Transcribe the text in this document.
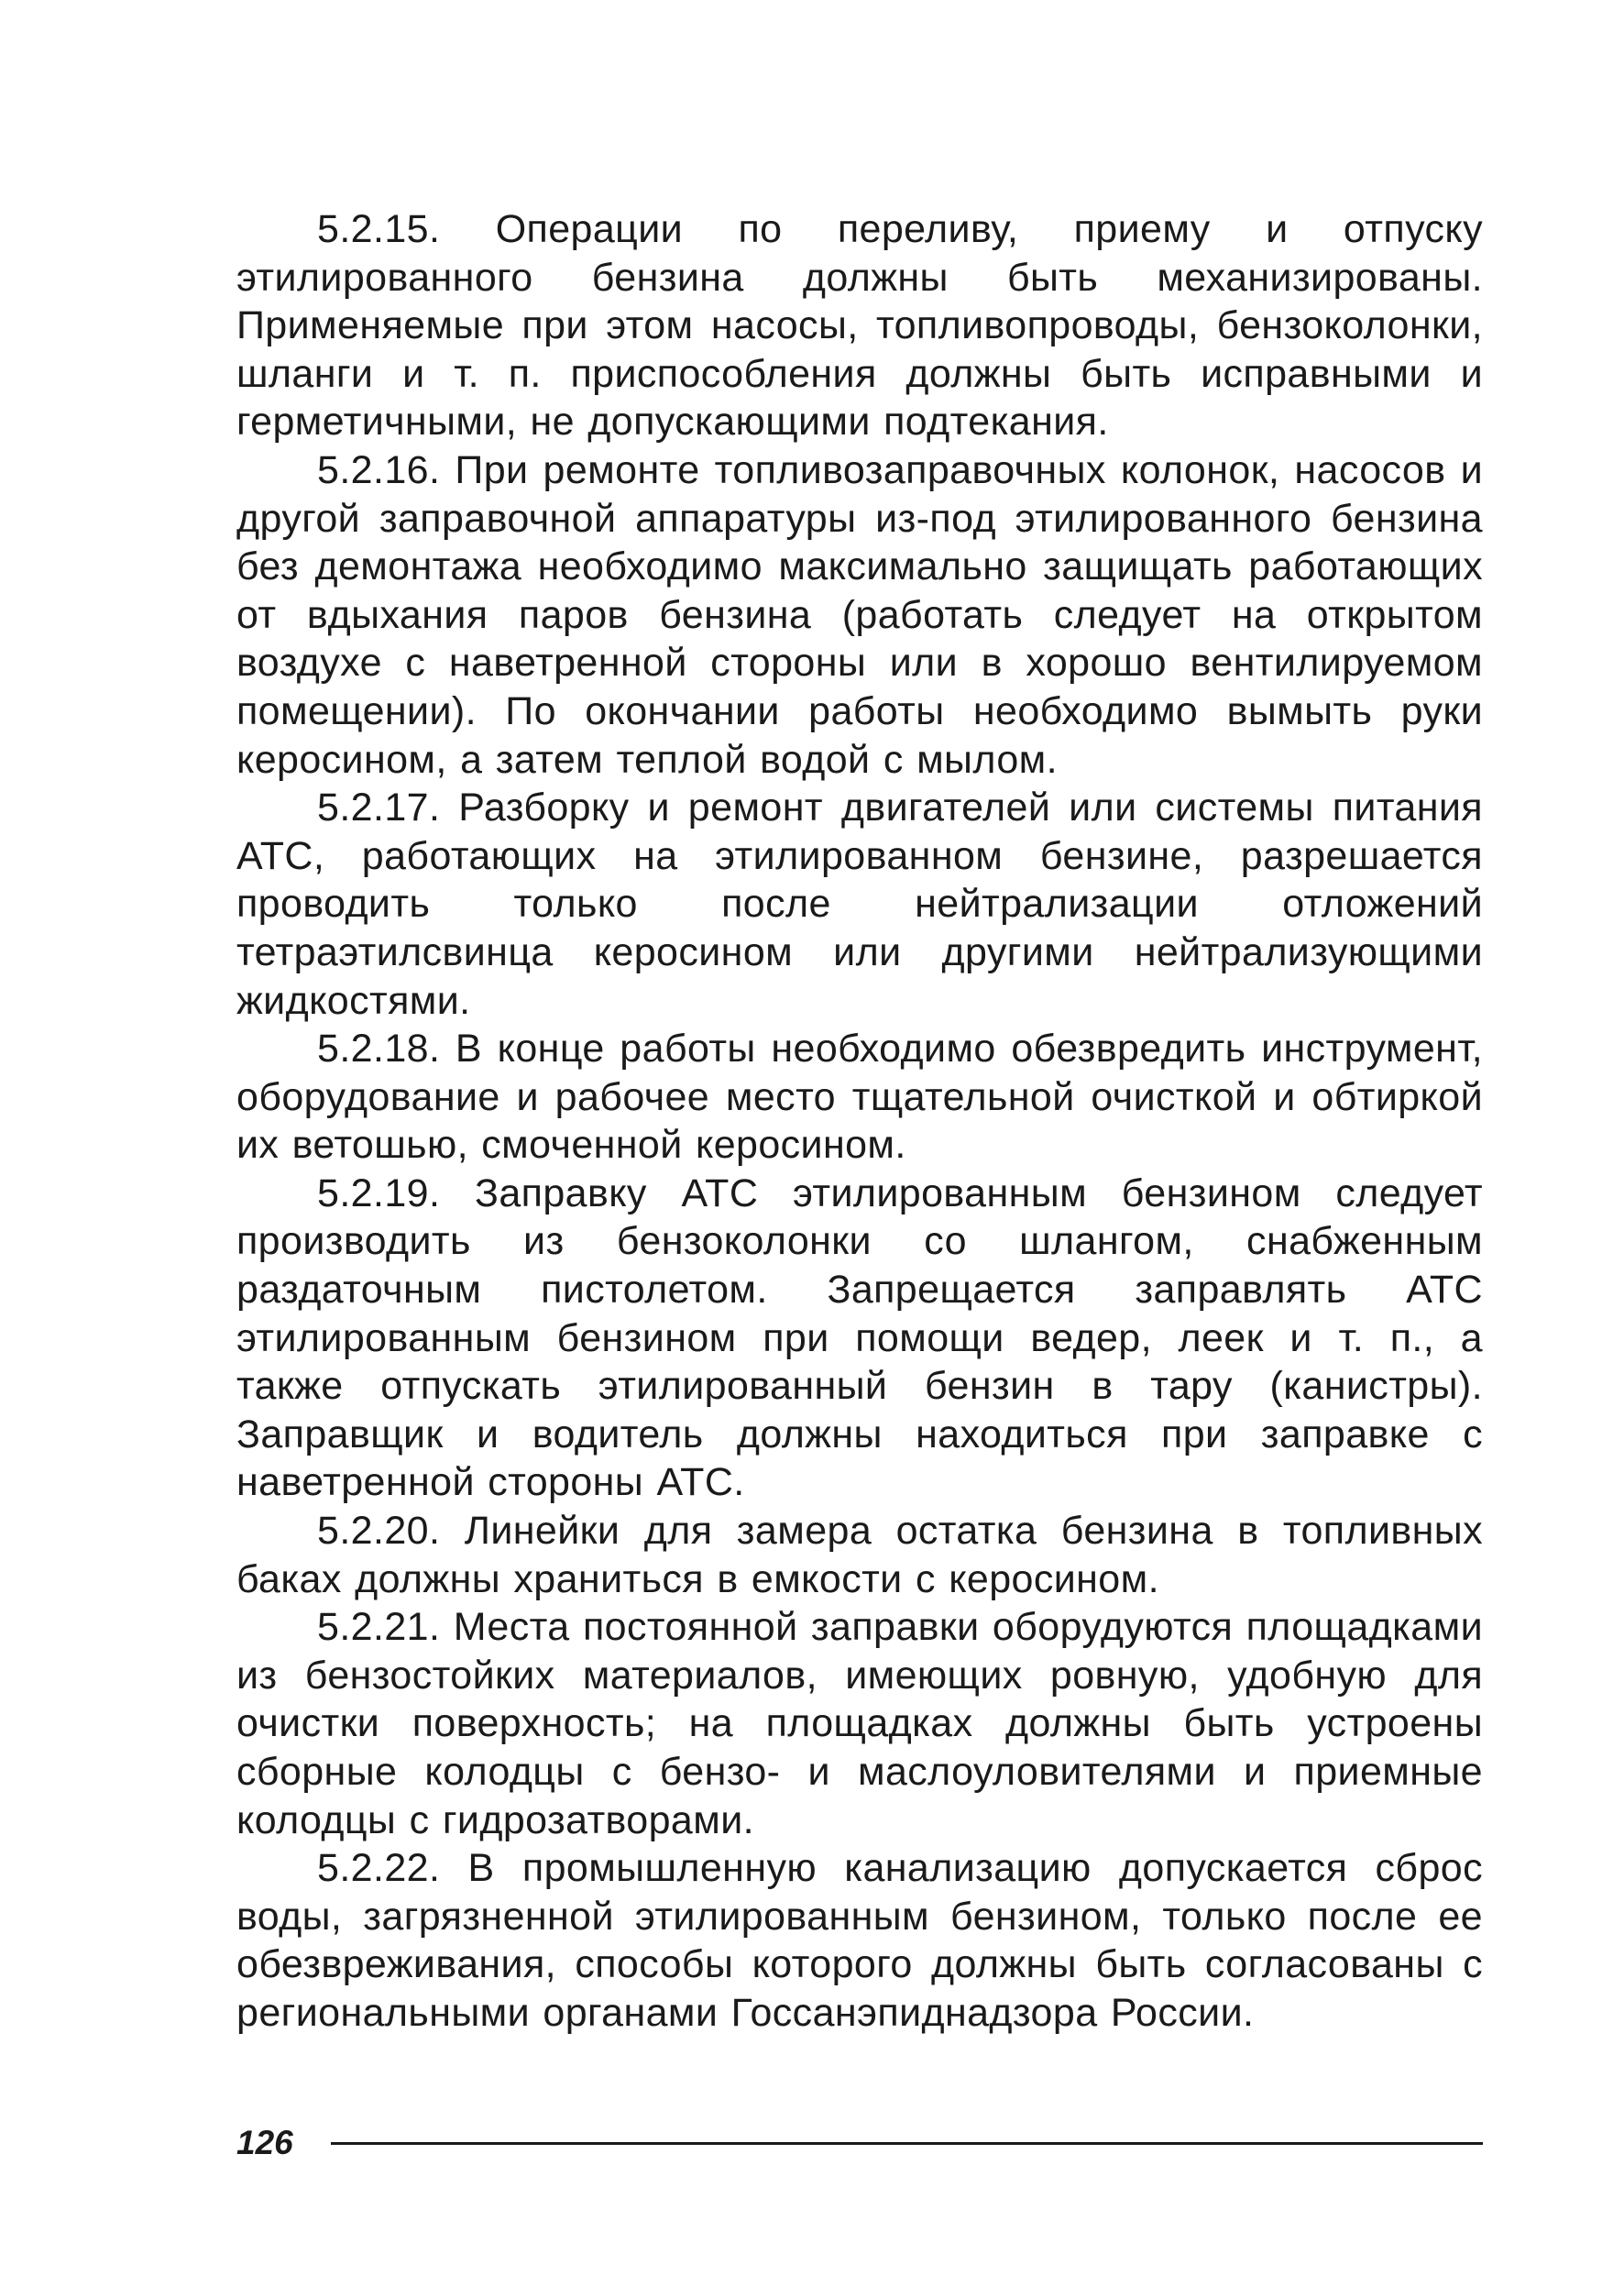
5.2.15. Операции по переливу, приему и отпуску этилированного бензина должны быть механизированы. Применяемые при этом насосы, топливопроводы, бензоколонки, шланги и т. п. приспособления должны быть исправными и герметичными, не допускающими подтекания.

5.2.16. При ремонте топливозаправочных колонок, насосов и другой заправочной аппаратуры из-под этилированного бензина без демонтажа необходимо максимально защищать работающих от вдыхания паров бензина (работать следует на открытом воздухе с наветренной стороны или в хорошо вентилируемом помещении). По окончании работы необходимо вымыть руки керосином, а затем теплой водой с мылом.

5.2.17. Разборку и ремонт двигателей или системы питания АТС, работающих на этилированном бензине, разрешается проводить только после нейтрализации отложений тетраэтилсвинца керосином или другими нейтрализующими жидкостями.

5.2.18. В конце работы необходимо обезвредить инструмент, оборудование и рабочее место тщательной очисткой и обтиркой их ветошью, смоченной керосином.

5.2.19. Заправку АТС этилированным бензином следует производить из бензоколонки со шлангом, снабженным раздаточным пистолетом. Запрещается заправлять АТС этилированным бензином при помощи ведер, леек и т. п., а также отпускать этилированный бензин в тару (канистры). Заправщик и водитель должны находиться при заправке с наветренной стороны АТС.

5.2.20. Линейки для замера остатка бензина в топливных баках должны храниться в емкости с керосином.

5.2.21. Места постоянной заправки оборудуются площадками из бензостойких материалов, имеющих ровную, удобную для очистки поверхность; на площадках должны быть устроены сборные колодцы с бензо- и маслоуловителями и приемные колодцы с гидрозатворами.

5.2.22. В промышленную канализацию допускается сброс воды, загрязненной этилированным бензином, только после ее обезвреживания, способы которого должны быть согласованы с региональными органами Госсанэпиднадзора России.

126
